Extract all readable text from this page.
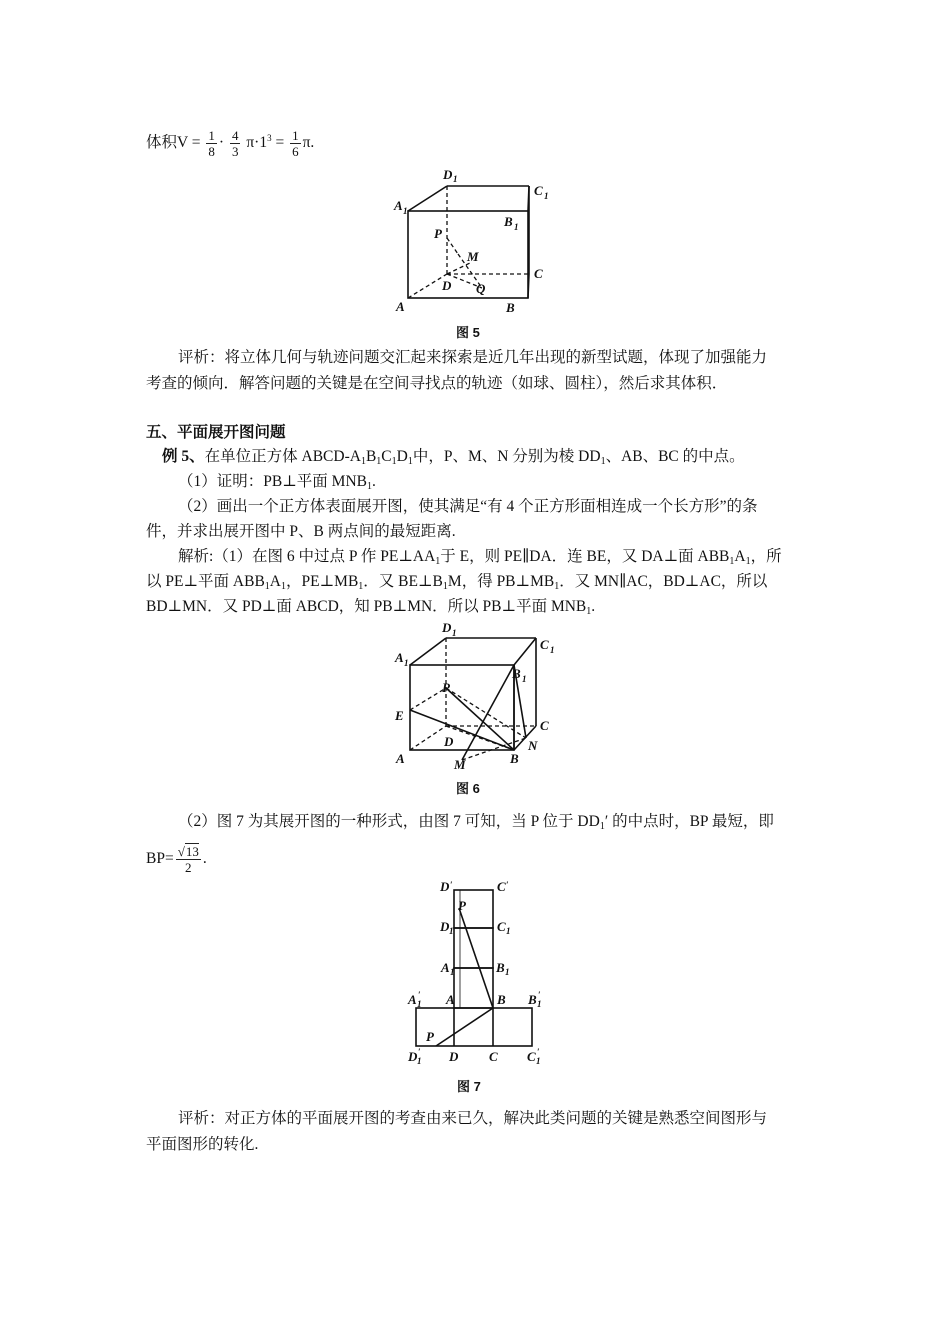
体积$V = \frac{1}{8} \cdot \frac{4}{3} \pi\cdot 1^3 = \frac{1}{6} \pi$.
D 1
C 1
A 1
B 1
P
M
C
D Q
A	B
图 5
评析：将立体几何与轨迹问题交汇起来探索是近几年出现的新型试题，体现了加强能力
考查的倾向．解答问题的关键是在空间寻找点的轨迹（如球、圆柱），然后求其体积．
五、平面展开图问题
例 5、在单位正方体 ABCD-$A_1B_1C_1D_1$中，P、M、N 分别为棱 $DD_1$、AB、BC 的中点。
（1）证明：PB⊥平面 $MNB_1$.
（2）画出一个正方体表面展开图，使其满足“有 4 个正方形面相连成一个长方形”的条
件，并求出展开图中 P、B 两点间的最短距离.
解析:（1）在图 6 中过点 P 作 $PE\perp AA_1$于 E，则 PE∥DA．连 BE，又 DA⊥面 $ABB_1A_1$，所
以 PE⊥平面 $ABB_1A_1$，$PE\perp MB_1$．又 $BE\perp B_1M$，得 $PB\perp MB_1$．又 MN∥AC，BD⊥AC，所以
BD⊥MN．又 PD⊥面 ABCD，知 PB⊥MN．所以 PB⊥平面 $MNB_1$.
D 1
C 1
A 1
B 1
P
E
C
D	N
A	B
M
图 6
（2）图 7 为其展开图的一种形式，由图 7 可知，当 P 位于 $DD_1'$ 的中点时，BP 最短，即
$BP= \frac{√13}{2}$ .
D ′	C ′
P
D 1	C 1
A 1	B 1
A 1
′ A	B B 1
′
P
D 1
′ D C C 1
′
图 7
评析：对正方体的平面展开图的考查由来已久，解决此类问题的关键是熟悉空间图形与
平面图形的转化.
